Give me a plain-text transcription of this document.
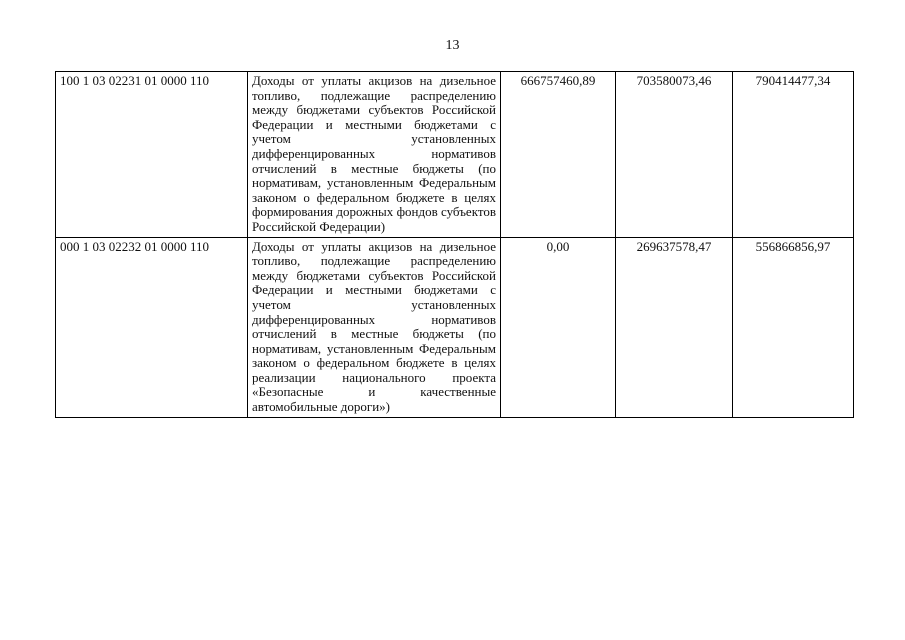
13
100 1 03 02231 01 0000 110	Доходы от уплаты акцизов на дизельное топливо, подлежащие распределению между бюджетами субъектов Российской Федерации и местными бюджетами с учетом установленных дифференцированных нормативов отчислений в местные бюджеты (по нормативам, установленным Федеральным законом о федеральном бюджете в целях формирования дорожных фондов субъектов Российской Федерации)	666757460,89	703580073,46	790414477,34
000 1 03 02232 01 0000 110	Доходы от уплаты акцизов на дизельное топливо, подлежащие распределению между бюджетами субъектов Российской Федерации и местными бюджетами с учетом установленных дифференцированных нормативов отчислений в местные бюджеты (по нормативам, установленным Федеральным законом о федеральном бюджете в целях реализации национального проекта «Безопасные и качественные автомобильные дороги»)	0,00	269637578,47	556866856,97
